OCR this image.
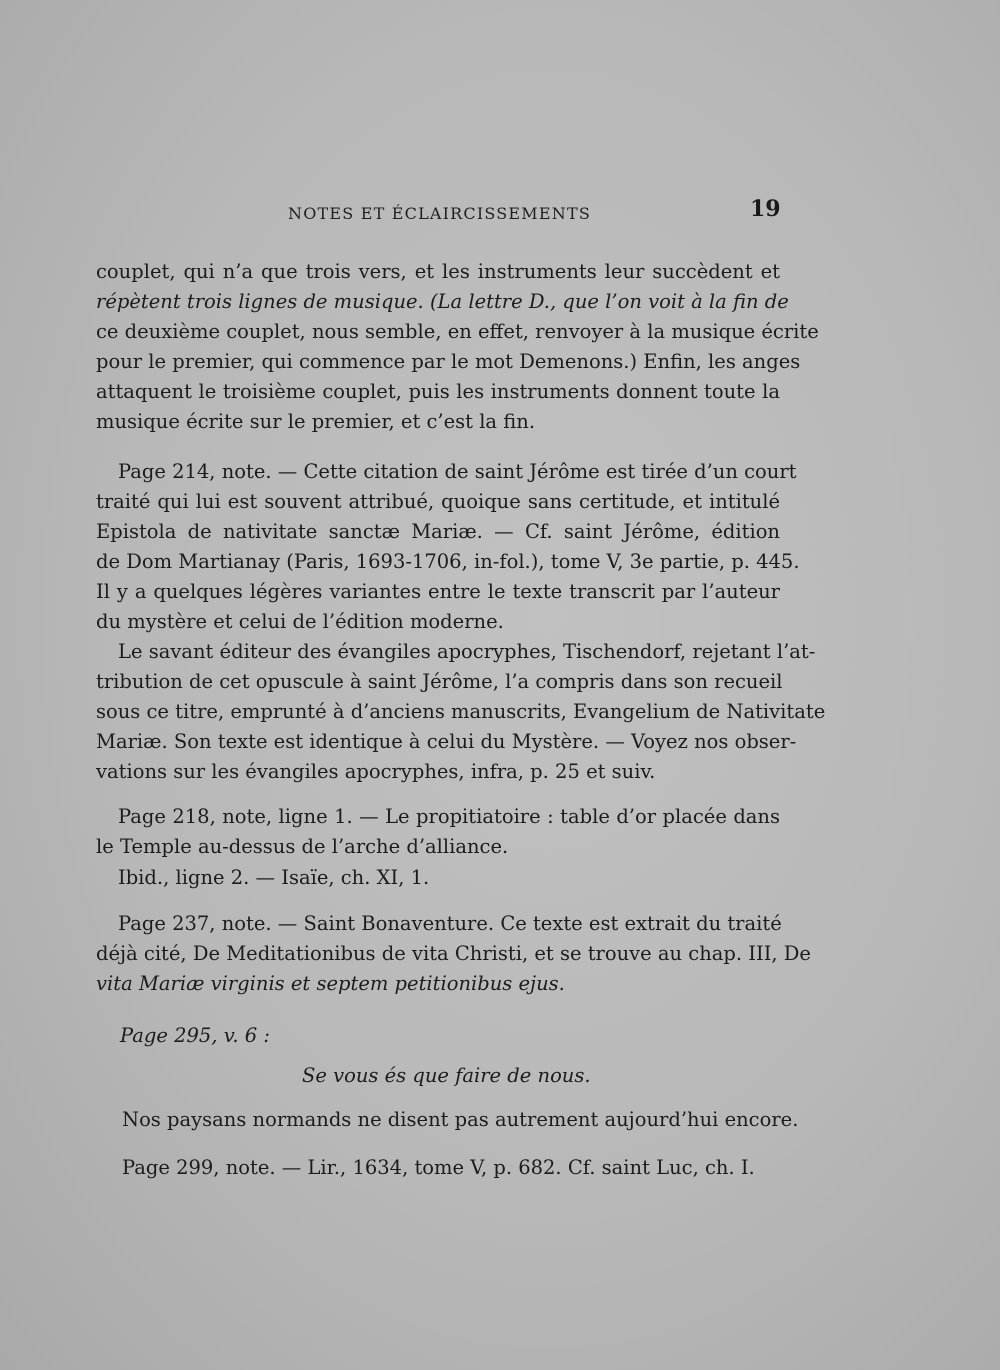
NOTES ET ÉCLAIRCISSEMENTS	19
couplet, qui n’a que trois vers, et les instruments leur succèdent et
répètent trois lignes de musique. (La lettre D., que l’on voit à la fin de
ce deuxième couplet, nous semble, en effet, renvoyer à la musique écrite
pour le premier, qui commence par le mot Demenons.) Enfin, les anges
attaquent le troisième couplet, puis les instruments donnent toute la
musique écrite sur le premier, et c’est la fin.
Page 214, note. — Cette citation de saint Jérôme est tirée d’un court
traité qui lui est souvent attribué, quoique sans certitude, et intitulé
Epistola de nativitate sanctæ Mariæ. — Cf. saint Jérôme, édition
de Dom Martianay (Paris, 1693-1706, in-fol.), tome V, 3e partie, p. 445.
Il y a quelques légères variantes entre le texte transcrit par l’auteur
du mystère et celui de l’édition moderne.
Le savant éditeur des évangiles apocryphes, Tischendorf, rejetant l’at-
tribution de cet opuscule à saint Jérôme, l’a compris dans son recueil
sous ce titre, emprunté à d’anciens manuscrits, Evangelium de Nativitate
Mariæ. Son texte est identique à celui du Mystère. — Voyez nos obser-
vations sur les évangiles apocryphes, infra, p. 25 et suiv.
Page 218, note, ligne 1. — Le propitiatoire : table d’or placée dans
le Temple au-dessus de l’arche d’alliance.
Ibid., ligne 2. — Isaïe, ch. XI, 1.
Page 237, note. — Saint Bonaventure. Ce texte est extrait du traité
déjà cité, De Meditationibus de vita Christi, et se trouve au chap. III, De
vita Mariæ virginis et septem petitionibus ejus.
Page 295, v. 6 :
Se vous és que faire de nous.
Nos paysans normands ne disent pas autrement aujourd’hui encore.
Page 299, note. — Lir., 1634, tome V, p. 682. Cf. saint Luc, ch. I.
